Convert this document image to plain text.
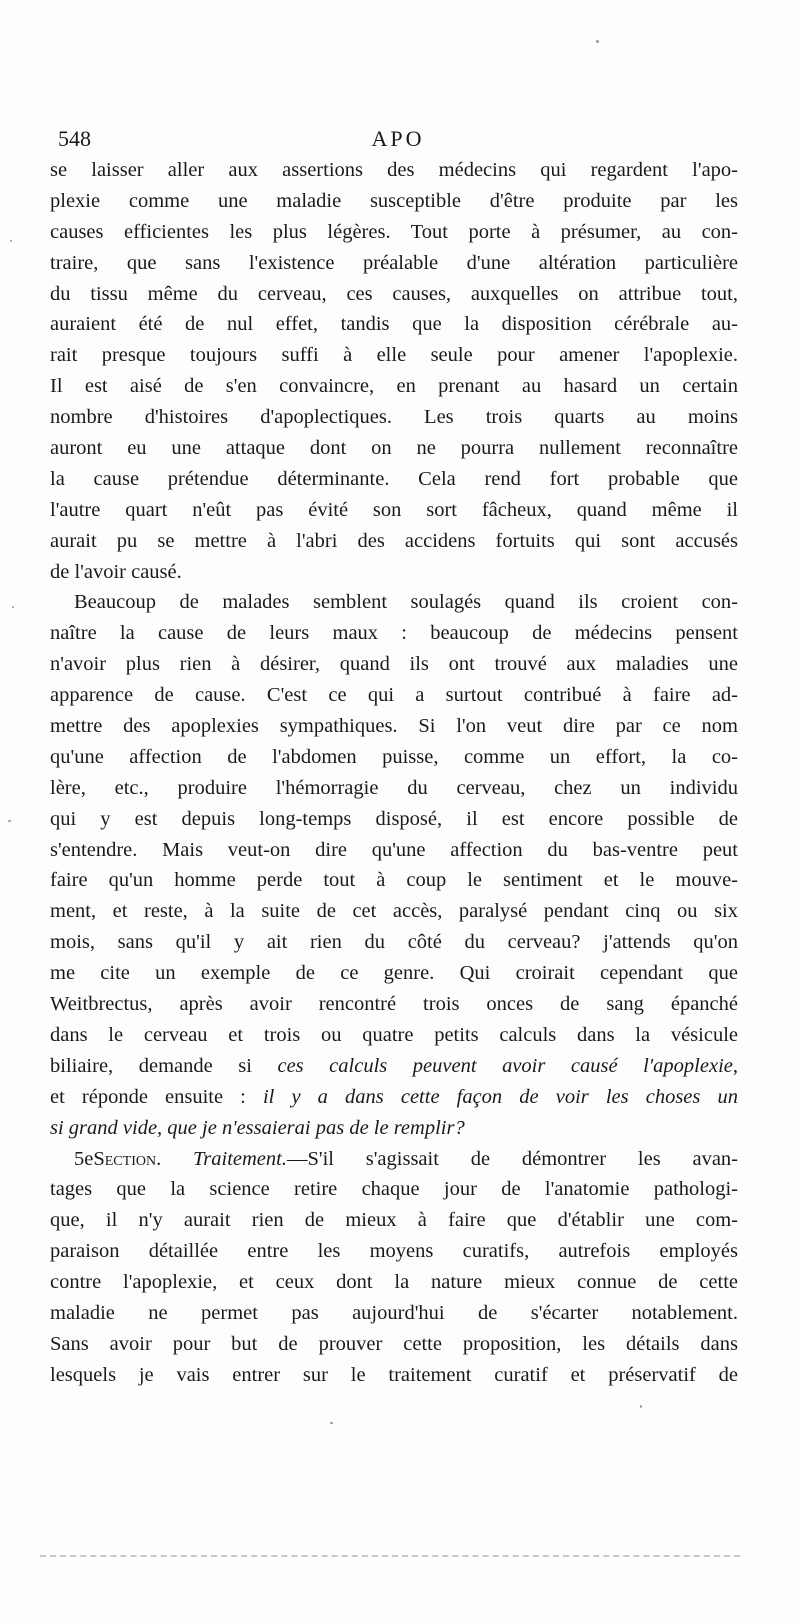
548	APO
se laisser aller aux assertions des médecins qui regardent l'apo-
plexie comme une maladie susceptible d'être produite par les
causes efficientes les plus légères. Tout porte à présumer, au con-
traire, que sans l'existence préalable d'une altération particulière
du tissu même du cerveau, ces causes, auxquelles on attribue tout,
auraient été de nul effet, tandis que la disposition cérébrale au-
rait presque toujours suffi à elle seule pour amener l'apoplexie.
Il est aisé de s'en convaincre, en prenant au hasard un certain
nombre d'histoires d'apoplectiques. Les trois quarts au moins
auront eu une attaque dont on ne pourra nullement reconnaître
la cause prétendue déterminante. Cela rend fort probable que
l'autre quart n'eût pas évité son sort fâcheux, quand même il
aurait pu se mettre à l'abri des accidens fortuits qui sont accusés
de l'avoir causé.
Beaucoup de malades semblent soulagés quand ils croient con-
naître la cause de leurs maux : beaucoup de médecins pensent
n'avoir plus rien à désirer, quand ils ont trouvé aux maladies une
apparence de cause. C'est ce qui a surtout contribué à faire ad-
mettre des apoplexies sympathiques. Si l'on veut dire par ce nom
qu'une affection de l'abdomen puisse, comme un effort, la co-
lère, etc., produire l'hémorragie du cerveau, chez un individu
qui y est depuis long-temps disposé, il est encore possible de
s'entendre. Mais veut-on dire qu'une affection du bas-ventre peut
faire qu'un homme perde tout à coup le sentiment et le mouve-
ment, et reste, à la suite de cet accès, paralysé pendant cinq ou six
mois, sans qu'il y ait rien du côté du cerveau? j'attends qu'on
me cite un exemple de ce genre. Qui croirait cependant que
Weitbrectus, après avoir rencontré trois onces de sang épanché
dans le cerveau et trois ou quatre petits calculs dans la vésicule
biliaire, demande si ces calculs peuvent avoir causé l'apoplexie,
et réponde ensuite : il y a dans cette façon de voir les choses un
si grand vide, que je n'essaierai pas de le remplir?
5eSection. Traitement.—S'il s'agissait de démontrer les avan-
tages que la science retire chaque jour de l'anatomie pathologi-
que, il n'y aurait rien de mieux à faire que d'établir une com-
paraison détaillée entre les moyens curatifs, autrefois employés
contre l'apoplexie, et ceux dont la nature mieux connue de cette
maladie ne permet pas aujourd'hui de s'écarter notablement.
Sans avoir pour but de prouver cette proposition, les détails dans
lesquels je vais entrer sur le traitement curatif et préservatif de
